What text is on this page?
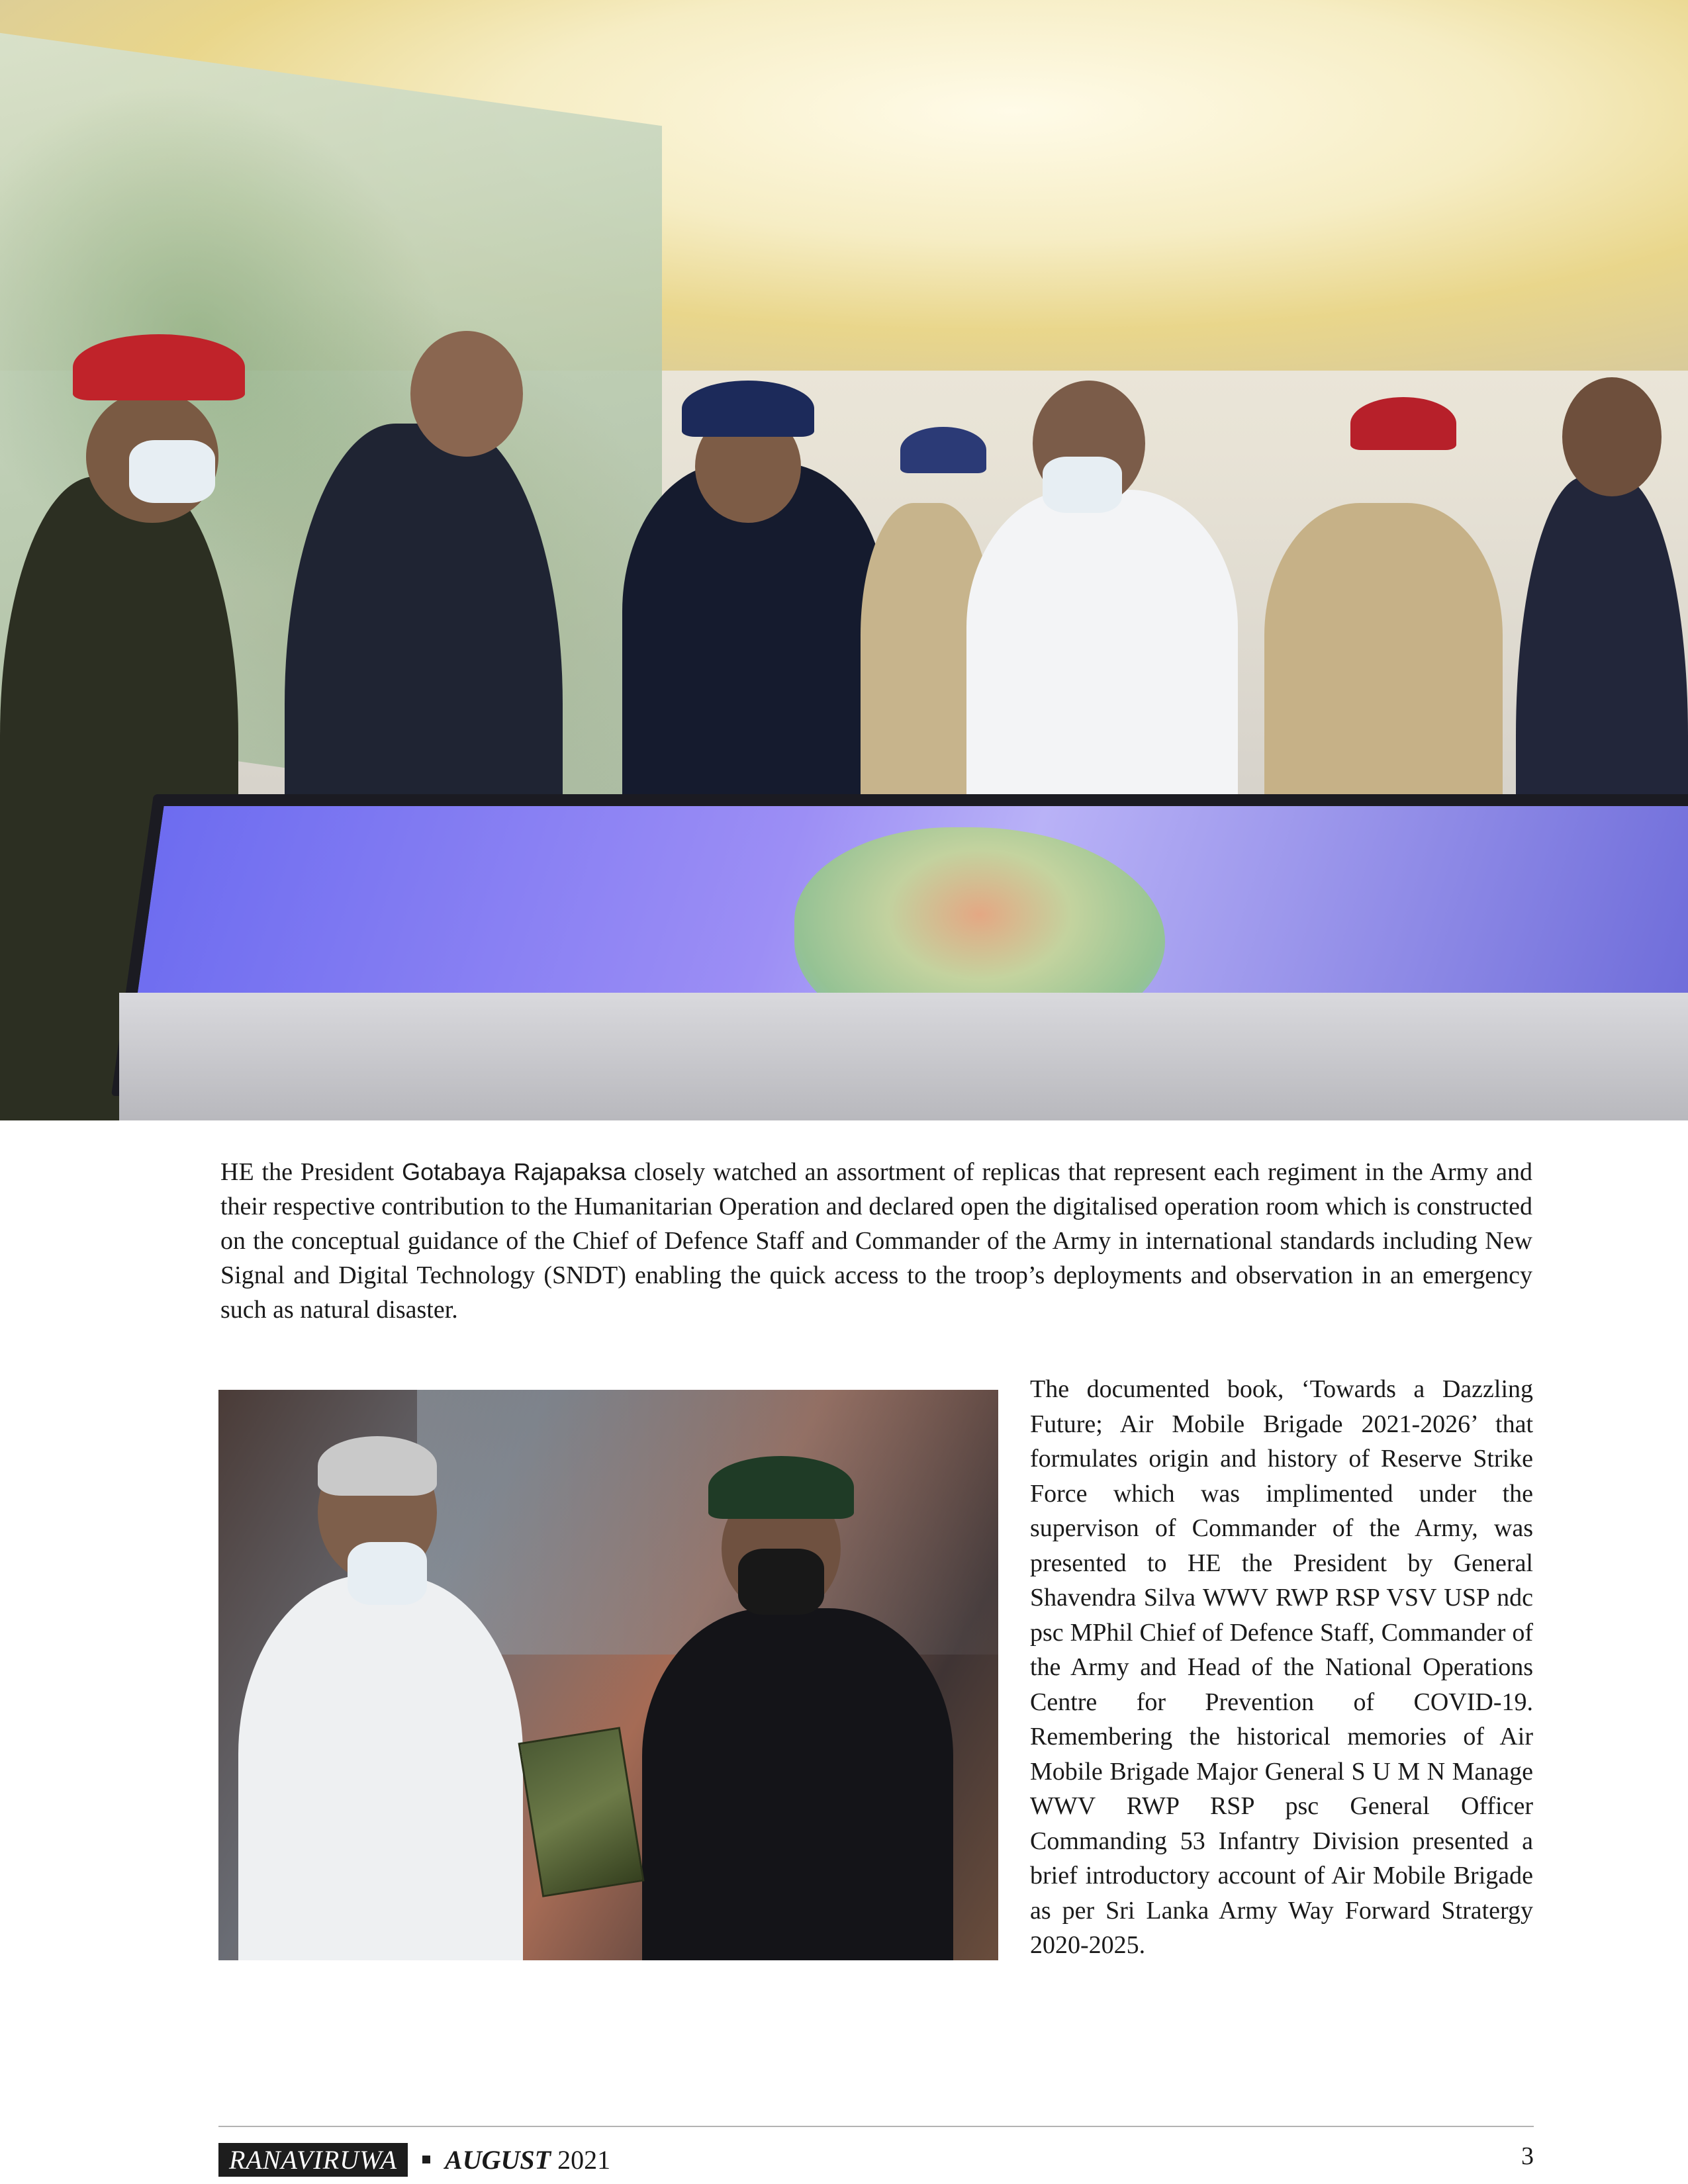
HE the President Gotabaya Rajapaksa closely watched an assortment of replicas that represent each regiment in the Army and their respective contribution to the Humanitarian Operation and declared open the digitalised operation room which is constructed on the conceptual guidance of the Chief of Defence Staff and Commander of the Army in international standards including New Signal and Digital Technology (SNDT) enabling the quick access to the troop’s deployments and observation in an emergency such as natural disaster.

The documented book, ‘Towards a Dazzling Future; Air Mobile Brigade 2021-2026’ that formulates origin and history of Reserve Strike Force which was implimented under the supervison of Commander of the Army, was presented to HE the President by General Shavendra Silva WWV RWP RSP VSV USP ndc psc MPhil Chief of Defence Staff, Commander of the Army and Head of the National Operations Centre for Prevention of COVID-19. Remembering the historical memories of Air Mobile Brigade Major General S U M N Manage WWV RWP RSP psc General Officer Commanding 53 Infantry Division presented a brief introductory account of Air Mobile Brigade as per Sri Lanka Army Way Forward Stratergy 2020-2025.

RANAVIRUWA	AUGUST 2021	3
